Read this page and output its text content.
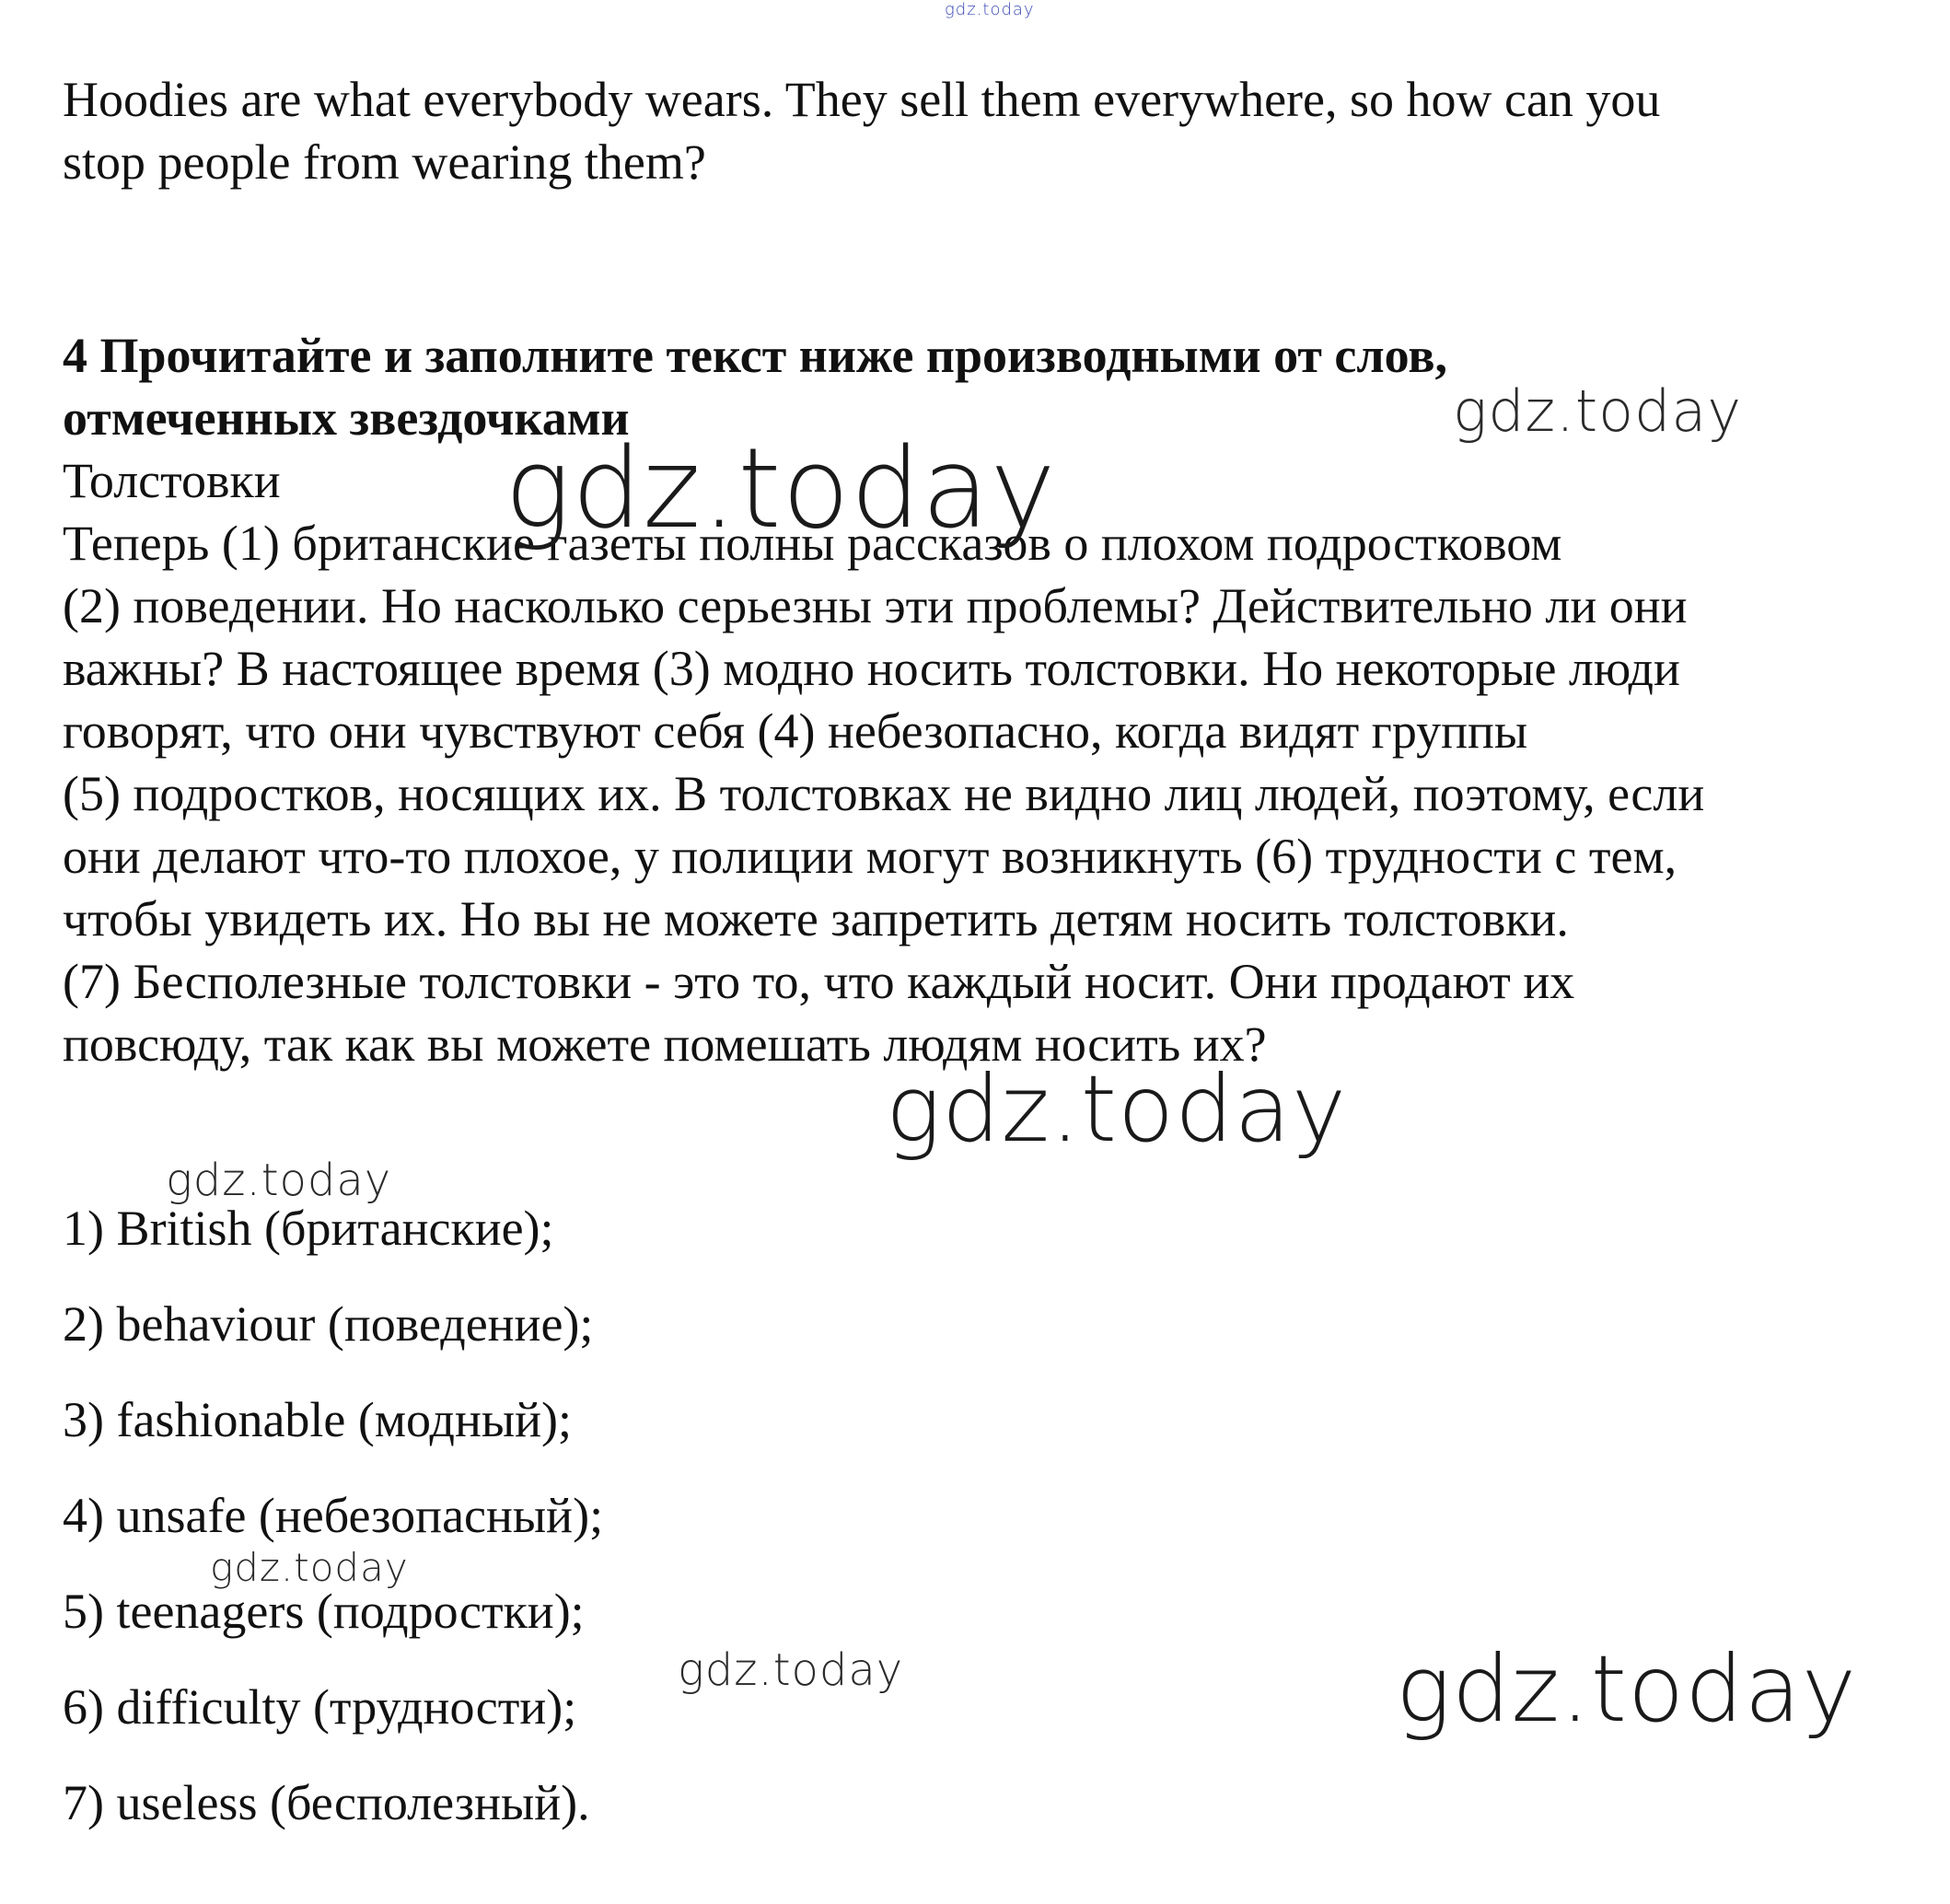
gdz.today
Hoodies are what everybody wears. They sell them everywhere, so how can you
stop people from wearing them?
4 Прочитайте и заполните текст ниже производными от слов,
отмеченных звездочками
Толстовки
Теперь (1) британские газеты полны рассказов о плохом подростковом
(2) поведении. Но насколько серьезны эти проблемы? Действительно ли они
важны? В настоящее время (3) модно носить толстовки. Но некоторые люди
говорят, что они чувствуют себя (4) небезопасно, когда видят группы
(5) подростков, носящих их. В толстовках не видно лиц людей, поэтому, если
они делают что-то плохое, у полиции могут возникнуть (6) трудности с тем,
чтобы увидеть их. Но вы не можете запретить детям носить толстовки.
(7) Бесполезные толстовки - это то, что каждый носит. Они продают их
повсюду, так как вы можете помешать людям носить их?
1) British (британские);
2) behaviour (поведение);
3) fashionable (модный);
4) unsafe (небезопасный);
5) teenagers (подростки);
6) difficulty (трудности);
7) useless (бесполезный).
gdz.today
gdz.today
gdz.today
gdz.today
gdz.today
gdz.today	gdz.today
